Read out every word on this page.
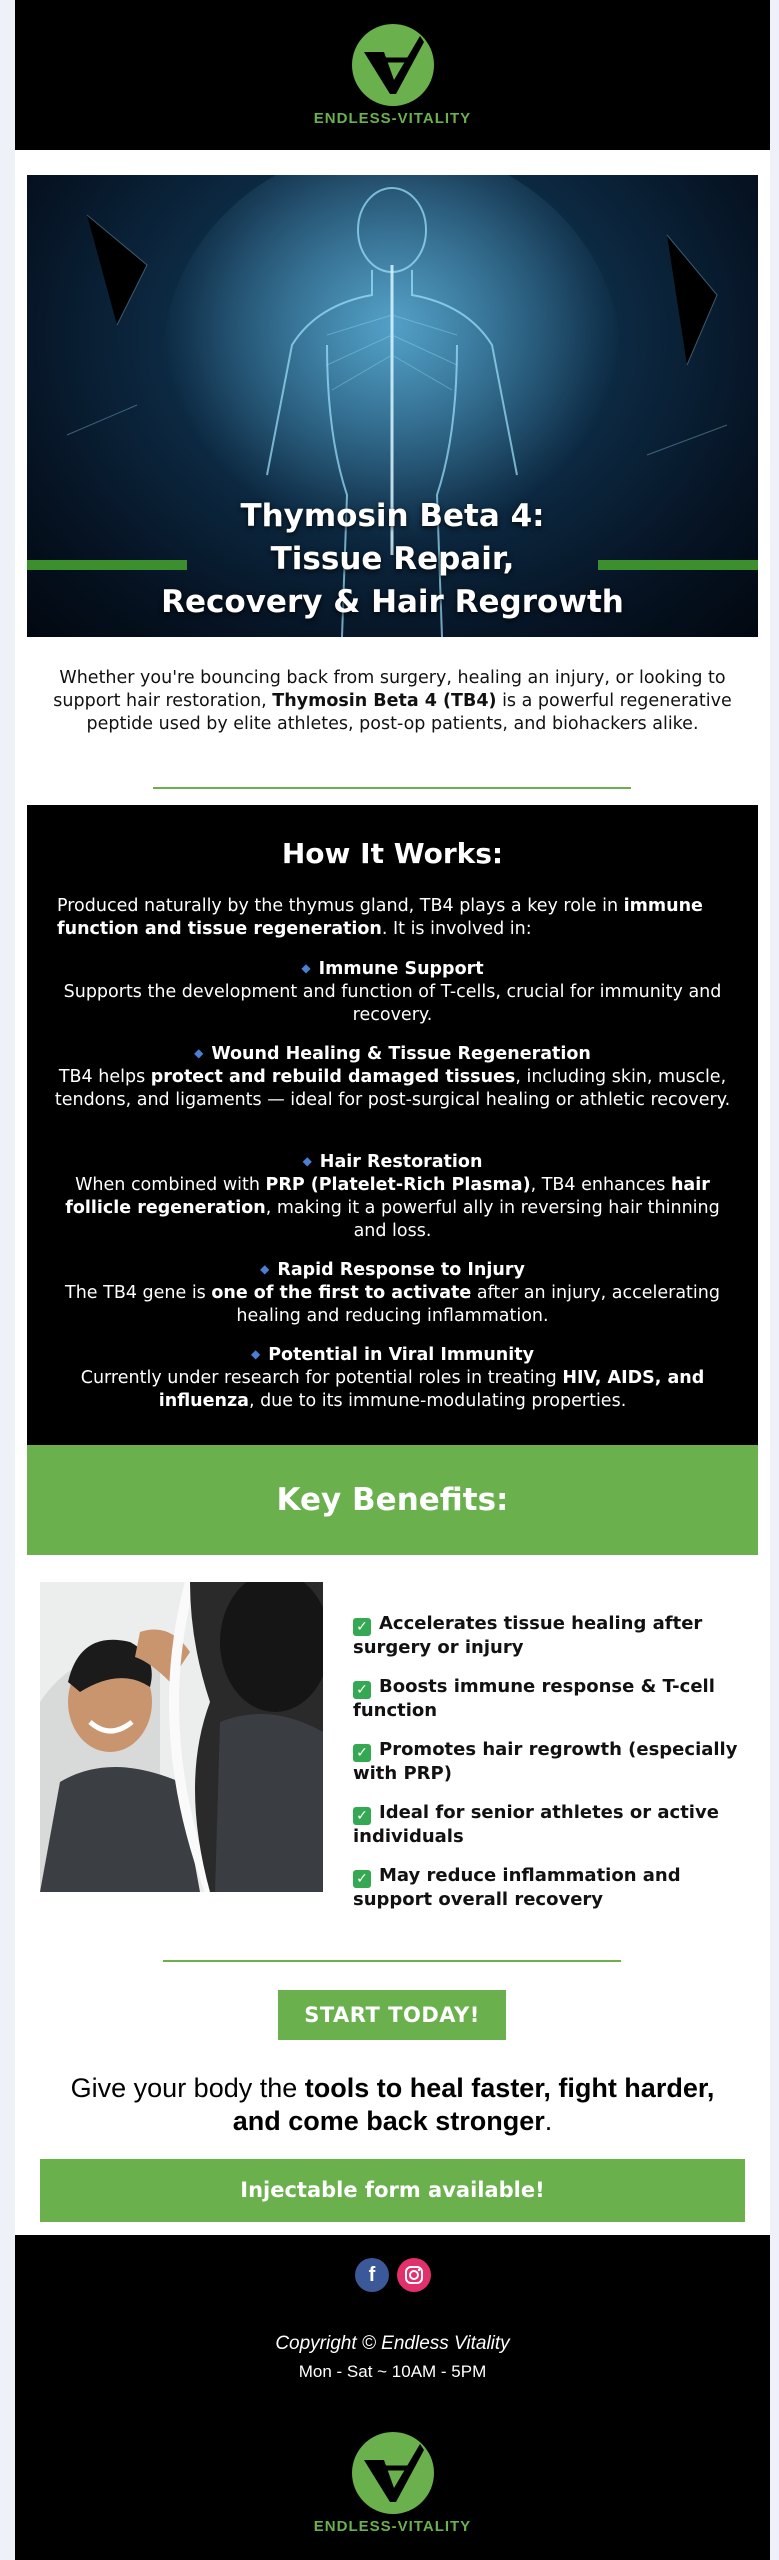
ENDLESS-VITALITY
Thymosin Beta 4:
Tissue Repair,
Recovery & Hair Regrowth
Whether you're bouncing back from surgery, healing an injury, or looking to support hair restoration, Thymosin Beta 4 (TB4) is a powerful regenerative peptide used by elite athletes, post-op patients, and biohackers alike.
How It Works:
Produced naturally by the thymus gland, TB4 plays a key role in immune function and tissue regeneration. It is involved in:
◆ Immune Support
Supports the development and function of T-cells, crucial for immunity and recovery.
◆ Wound Healing & Tissue Regeneration
TB4 helps protect and rebuild damaged tissues, including skin, muscle, tendons, and ligaments — ideal for post-surgical healing or athletic recovery.
◆ Hair Restoration
When combined with PRP (Platelet-Rich Plasma), TB4 enhances hair follicle regeneration, making it a powerful ally in reversing hair thinning and loss.
◆ Rapid Response to Injury
The TB4 gene is one of the first to activate after an injury, accelerating healing and reducing inflammation.
◆ Potential in Viral Immunity
Currently under research for potential roles in treating HIV, AIDS, and influenza, due to its immune-modulating properties.
Key Benefits:
✓ Accelerates tissue healing after surgery or injury
✓ Boosts immune response & T-cell function
✓ Promotes hair regrowth (especially with PRP)
✓ Ideal for senior athletes or active individuals
✓ May reduce inflammation and support overall recovery
START TODAY!
Give your body the tools to heal faster, fight harder, and come back stronger.
Injectable form available!
f
Copyright © Endless Vitality
Mon - Sat ~ 10AM - 5PM
ENDLESS-VITALITY
